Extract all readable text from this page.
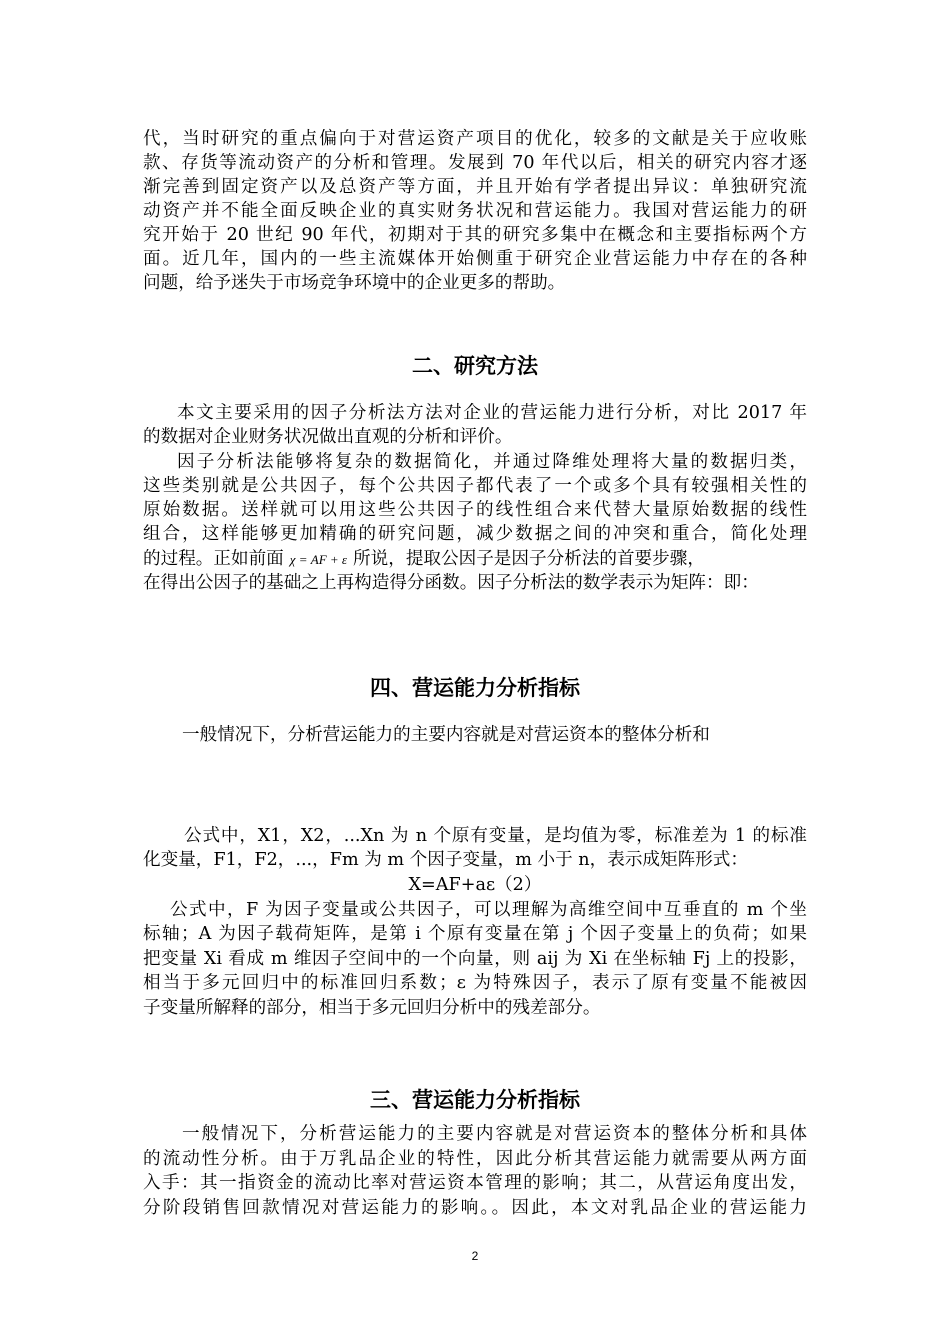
代，当时研究的重点偏向于对营运资产项目的优化，较多的文献是关于应收账
款、存货等流动资产的分析和管理。发展到 70 年代以后，相关的研究内容才逐
渐完善到固定资产以及总资产等方面，并且开始有学者提出异议：单独研究流
动资产并不能全面反映企业的真实财务状况和营运能力。我国对营运能力的研
究开始于 20 世纪 90 年代，初期对于其的研究多集中在概念和主要指标两个方
面。近几年，国内的一些主流媒体开始侧重于研究企业营运能力中存在的各种
问题，给予迷失于市场竞争环境中的企业更多的帮助。
二、研究方法
本文主要采用的因子分析法方法对企业的营运能力进行分析，对比 2017 年
的数据对企业财务状况做出直观的分析和评价。
因子分析法能够将复杂的数据简化，并通过降维处理将大量的数据归类，
这些类别就是公共因子，每个公共因子都代表了一个或多个具有较强相关性的
原始数据。送样就可以用这些公共因子的线性组合来代替大量原始数据的线性
组合，这样能够更加精确的研究问题，减少数据之间的冲突和重合，简化处理
的过程。正如前面 χ = AF + ε 所说，提取公因子是因子分析法的首要步骤，
在得出公因子的基础之上再构造得分函数。因子分析法的数学表示为矩阵：即：
四、营运能力分析指标
一般情况下，分析营运能力的主要内容就是对营运资本的整体分析和
公式中，X1，X2，...Xn 为 n 个原有变量，是均值为零，标准差为 1 的标准
化变量，F1，F2，...，Fm 为 m 个因子变量，m 小于 n，表示成矩阵形式：
X=AF+aε（2）
公式中，F 为因子变量或公共因子，可以理解为高维空间中互垂直的 m 个坐
标轴；A 为因子载荷矩阵，是第 i 个原有变量在第 j 个因子变量上的负荷；如果
把变量 Xi 看成 m 维因子空间中的一个向量，则 aij 为 Xi 在坐标轴 Fj 上的投影，
相当于多元回归中的标准回归系数；ε 为特殊因子，表示了原有变量不能被因
子变量所解释的部分，相当于多元回归分析中的残差部分。
三、营运能力分析指标
一般情况下，分析营运能力的主要内容就是对营运资本的整体分析和具体
的流动性分析。由于万乳品企业的特性，因此分析其营运能力就需要从两方面
入手：其一指资金的流动比率对营运资本管理的影响；其二，从营运角度出发，
分阶段销售回款情况对营运能力的影响。。因此，本文对乳品企业的营运能力
2
